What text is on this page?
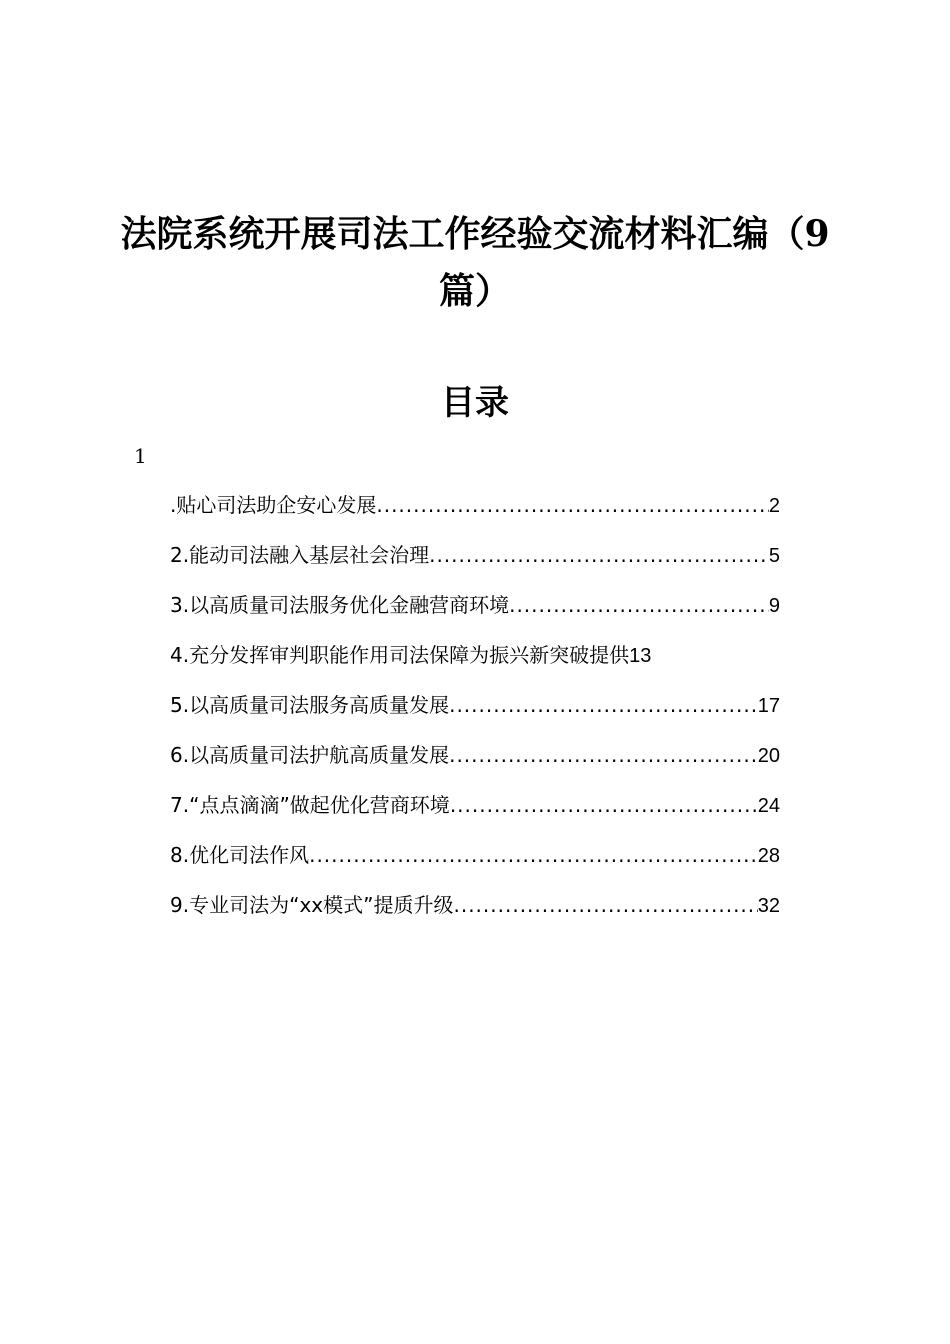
法院系统开展司法工作经验交流材料汇编（9篇）
目录
1
.贴心司法助企安心发展 .....	2
2.能动司法融入基层社会治理 .....	5
3.以高质量司法服务优化金融营商环境 .....	9
4.充分发挥审判职能作用司法保障为振兴新突破提供 13
5.以高质量司法服务高质量发展 .....	17
6.以高质量司法护航高质量发展 .....	20
7.“点点滴滴”做起优化营商环境 .....	24
8.优化司法作风 .....	28
9.专业司法为“xx模式”提质升级 .....	32
